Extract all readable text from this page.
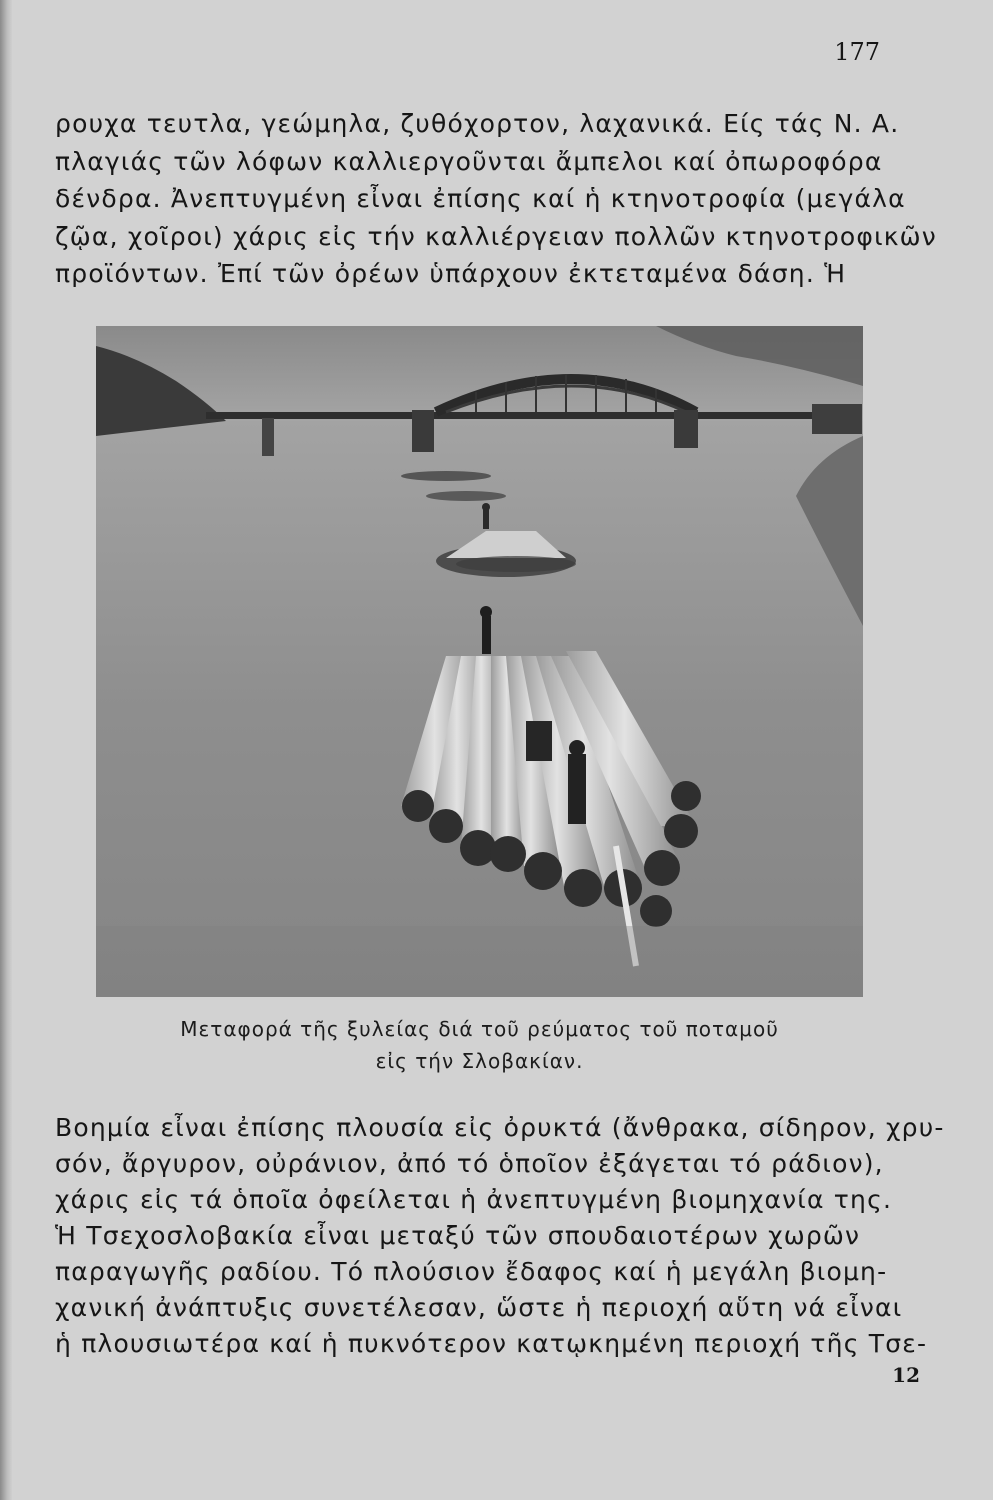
177
ρουχα τευτλα, γεώμηλα, ζυθόχορτον, λαχανικά. Είς τάς Ν. Α.
πλαγιάς τῶν λόφων καλλιεργοῦνται ἄμπελοι καί ὀπωροφόρα
δένδρα. Ἀνεπτυγμένη εἶναι ἐπίσης καί ἡ κτηνοτροφία (μεγάλα
ζῷα, χοῖροι) χάρις εἰς τήν καλλιέργειαν πολλῶν κτηνοτροφικῶν
προϊόντων. Ἐπί τῶν ὀρέων ὑπάρχουν ἐκτεταμένα δάση. Ἡ
Μεταφορά τῆς ξυλείας διά τοῦ ρεύματος τοῦ ποταμοῦ
εἰς τήν Σλοβακίαν.
Βοημία εἶναι ἐπίσης πλουσία εἰς ὀρυκτά (ἄνθρακα, σίδηρον, χρυ-
σόν, ἄργυρον, οὐράνιον, ἀπό τό ὁποῖον ἐξάγεται τό ράδιον),
χάρις εἰς τά ὁποῖα ὀφείλεται ἡ ἀνεπτυγμένη βιομηχανία της.
Ἡ Τσεχοσλοβακία εἶναι μεταξύ τῶν σπουδαιοτέρων χωρῶν
παραγωγῆς ραδίου. Τό πλούσιον ἔδαφος καί ἡ μεγάλη βιομη-
χανική ἀνάπτυξις συνετέλεσαν, ὥστε ἡ περιοχή αὕτη νά εἶναι
ἡ πλουσιωτέρα καί ἡ πυκνότερον κατῳκημένη περιοχή τῆς Τσε-
12
